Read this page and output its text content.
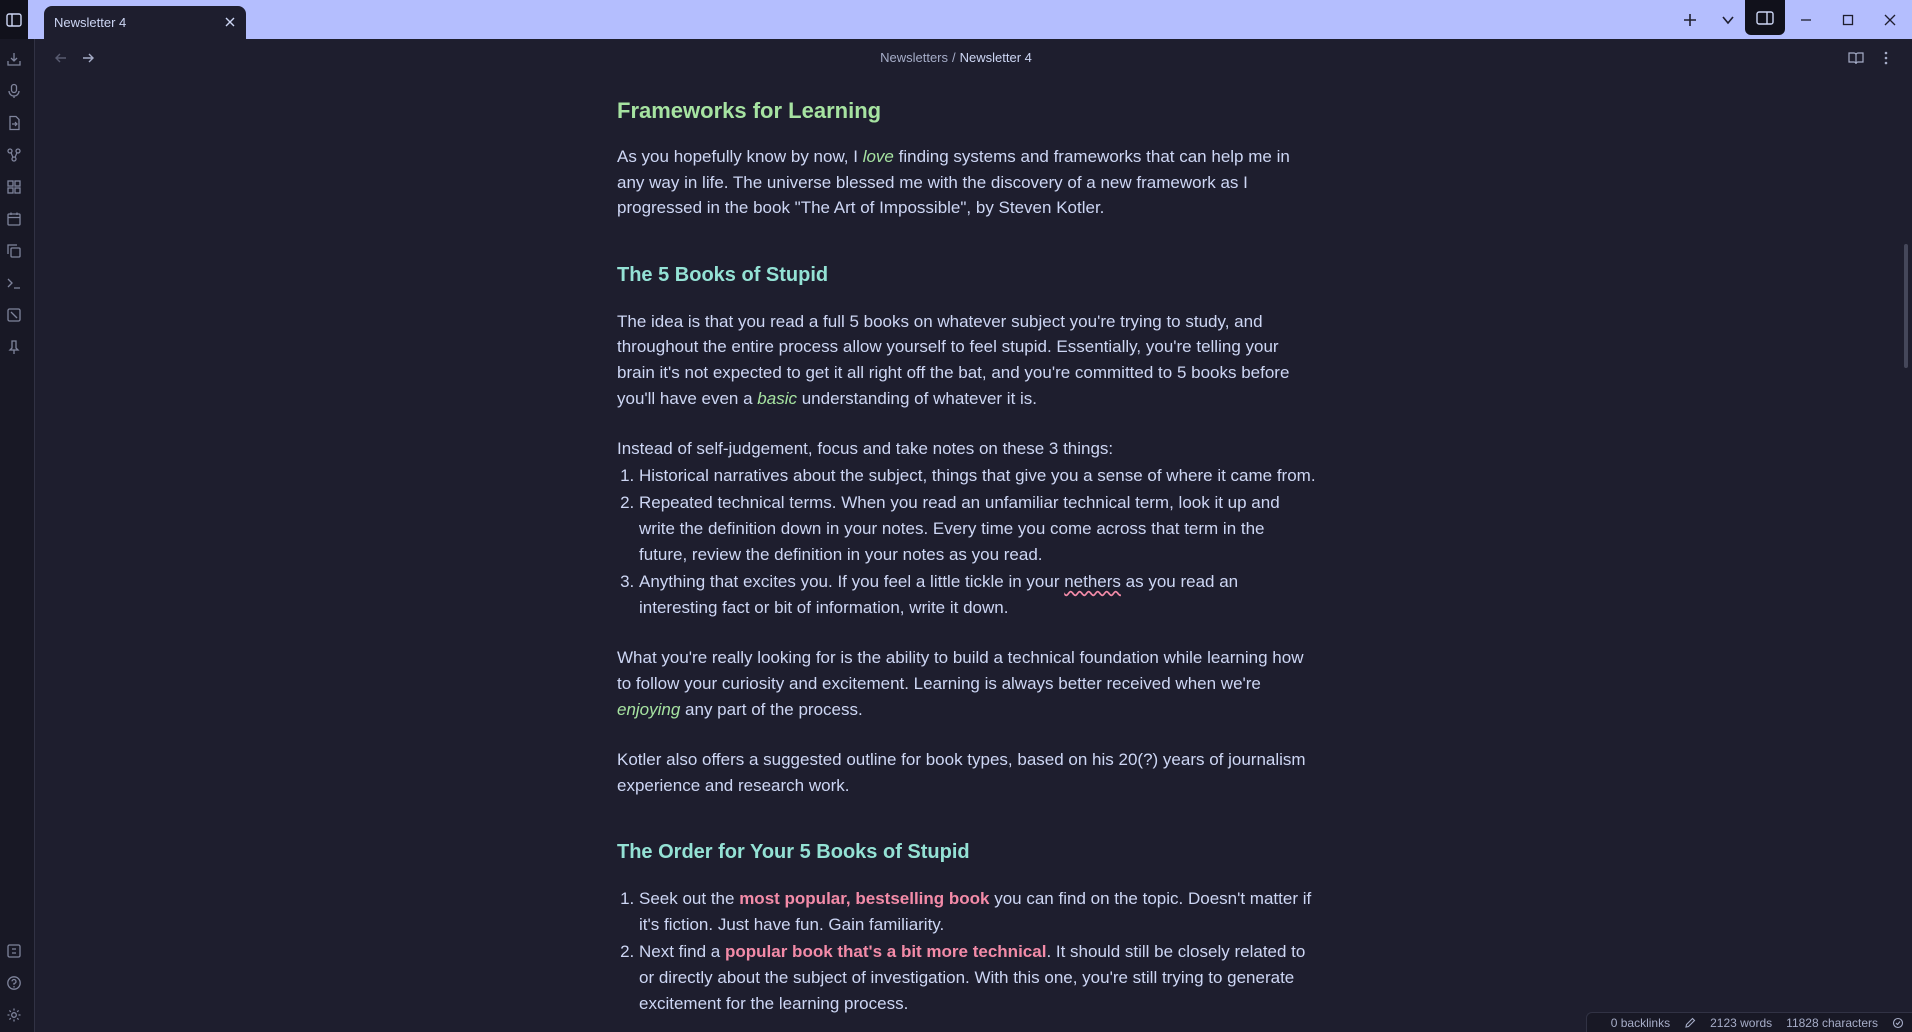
Newsletter 4
Newsletters / Newsletter 4
Frameworks for Learning

As you hopefully know by now, I love finding systems and frameworks that can help me in any way in life. The universe blessed me with the discovery of a new framework as I progressed in the book "The Art of Impossible", by Steven Kotler.

The 5 Books of Stupid

The idea is that you read a full 5 books on whatever subject you're trying to study, and throughout the entire process allow yourself to feel stupid. Essentially, you're telling your brain it's not expected to get it all right off the bat, and you're committed to 5 books before you'll have even a basic understanding of whatever it is.

Instead of self-judgement, focus and take notes on these 3 things:

1. Historical narratives about the subject, things that give you a sense of where it came from.
2. Repeated technical terms. When you read an unfamiliar technical term, look it up and write the definition down in your notes. Every time you come across that term in the future, review the definition in your notes as you read.
3. Anything that excites you. If you feel a little tickle in your nethers as you read an interesting fact or bit of information, write it down.

What you're really looking for is the ability to build a technical foundation while learning how to follow your curiosity and excitement. Learning is always better received when we're enjoying any part of the process.

Kotler also offers a suggested outline for book types, based on his 20(?) years of journalism experience and research work.

The Order for Your 5 Books of Stupid
1. Seek out the most popular, bestselling book you can find on the topic. Doesn't matter if it's fiction. Just have fun. Gain familiarity.
2. Next find a popular book that's a bit more technical. It should still be closely related to or directly about the subject of investigation. With this one, you're still trying to generate excitement for the learning process.
0 backlinks	2123 words 11828 characters
